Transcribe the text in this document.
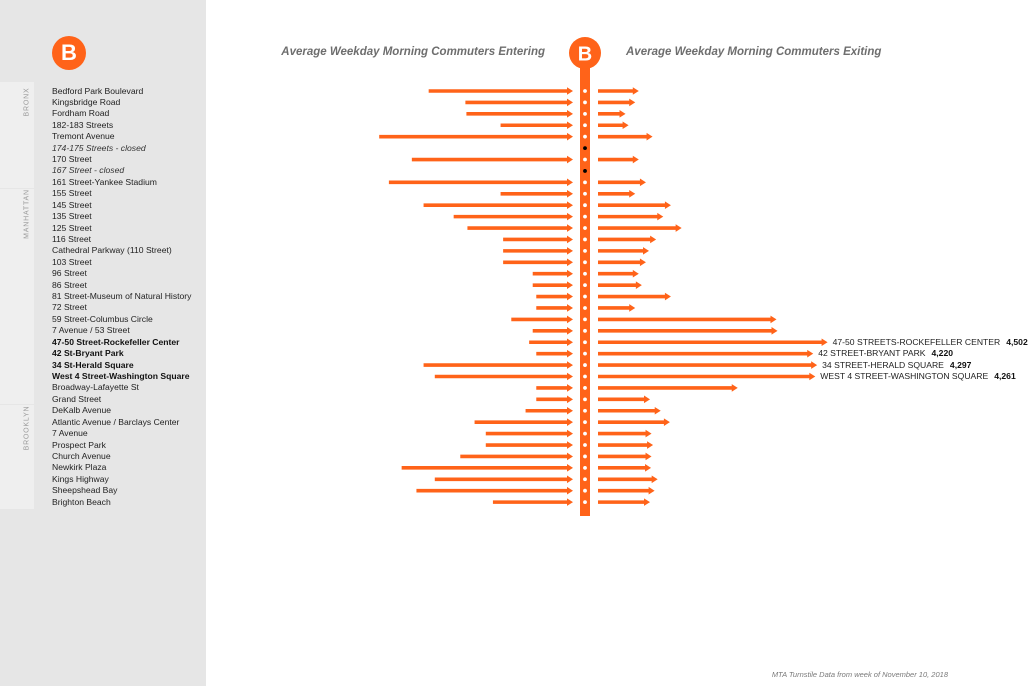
BRONX
MANHATTAN
BROOKLYN
B
Bedford Park Boulevard
Kingsbridge Road
Fordham Road
182-183 Streets
Tremont Avenue
174-175 Streets - closed
170 Street
167 Street - closed
161 Street-Yankee Stadium
155 Street
145 Street
135 Street
125 Street
116 Street
Cathedral Parkway (110 Street)
103 Street
96 Street
86 Street
81 Street-Museum of Natural History
72 Street
59 Street-Columbus Circle
7 Avenue / 53 Street
47-50 Street-Rockefeller Center
42 St-Bryant Park
34 St-Herald Square
West 4 Street-Washington Square
Broadway-Lafayette St
Grand Street
DeKalb Avenue
Atlantic Avenue / Barclays Center
7 Avenue
Prospect Park
Church Avenue
Newkirk Plaza
Kings Highway
Sheepshead Bay
Brighton Beach
Average Weekday Morning Commuters Entering	Average Weekday Morning Commuters Exiting
B
47-50 STREETS-ROCKEFELLER CENTER 4,502
42 STREET-BRYANT PARK 4,220
34 STREET-HERALD SQUARE 4,297
WEST 4 STREET-WASHINGTON SQUARE 4,261
MTA Turnstile Data from week of November 10, 2018
